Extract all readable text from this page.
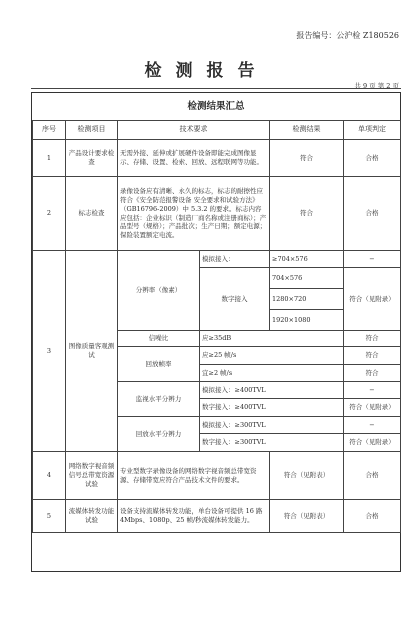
报告编号：公沪检 Z180526
检测报告
共 9 页 第 2 页
检测结果汇总
序号	检测项目	技术要求		检测结果	单项判定	
1	产品设计要求检查	无需外接、延伸或扩展硬件设备即能完成图像显示、存储、设置、检索、回放、远程联网等功能。		符合	合格	
2	标志检查	录像设备应有清晰、永久的标志，标志的耐擦性应符合《安全防范报警设备 安全要求和试验方法》（GB16796-2009）中 5.3.2 的要求。标志内容应包括：企业标识（制造厂商名称或注册商标）；产品型号（规格）；产品批次；生产日期；额定电源；保险装置额定电流。		符合	合格	
3	图像质量客观测试	分辨率（像素）	模拟接入：	≥704×576	−	
			数字接入	704×576	符合（见附录）	
				1280×720		
				1920×1080		
		信噪比	应≥35dB		符合	
		回放帧率	应≥25 帧/s		符合	
			宜≥2 帧/s		符合	
		监视水平分辨力	模拟接入：≥400TVL		−	
			数字接入：≥400TVL		符合（见附录）	

		回放水平分辨力	模拟接入：≥300TVL		−	
			数字接入：≥300TVL		符合（见附录）	

4	网络数字视音频信号总带宽资源试验	专业型数字录像设备的网络数字视音频总带宽资源、存储带宽应符合产品技术文件的要求。		符合（见附表）	合格	
5	流媒体转发功能试验	设备支持流媒体转发功能，单台设备可提供 16 路 4Mbps、1080p、25 帧/秒流媒体转发能力。		符合（见附表）	合格	
